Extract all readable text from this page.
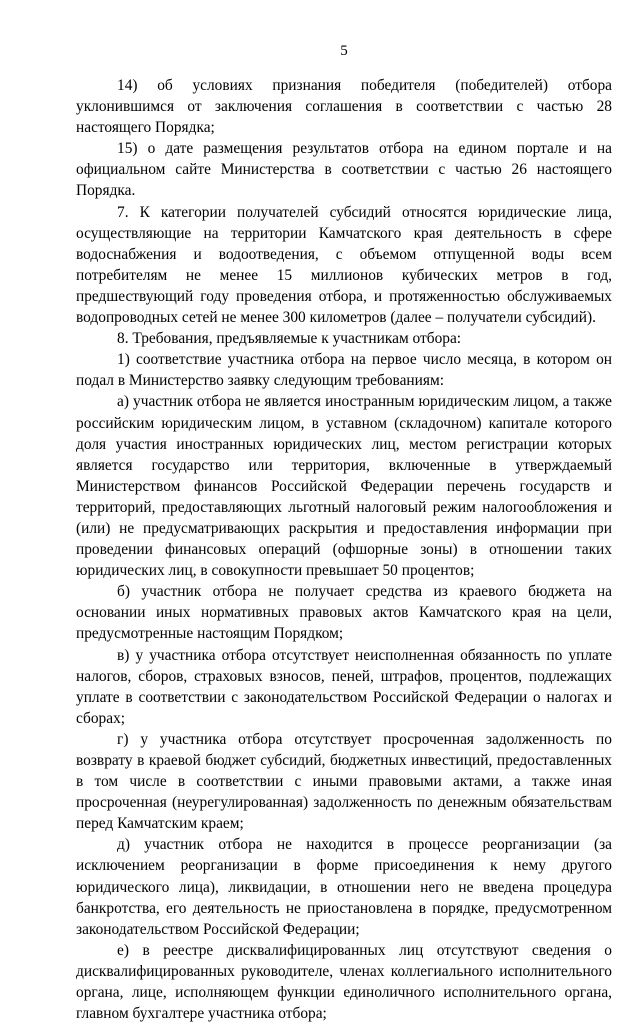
5

14) об условиях признания победителя (победителей) отбора уклонившимся от заключения соглашения в соответствии с частью 28 настоящего Порядка;

15) о дате размещения результатов отбора на едином портале и на официальном сайте Министерства в соответствии с частью 26 настоящего Порядка.

7. К категории получателей субсидий относятся юридические лица, осуществляющие на территории Камчатского края деятельность в сфере водоснабжения и водоотведения, с объемом отпущенной воды всем потребителям не менее 15 миллионов кубических метров в год, предшествующий году проведения отбора, и протяженностью обслуживаемых водопроводных сетей не менее 300 километров (далее – получатели субсидий).

8. Требования, предъявляемые к участникам отбора:

1) соответствие участника отбора на первое число месяца, в котором он подал в Министерство заявку следующим требованиям:

а) участник отбора не является иностранным юридическим лицом, а также российским юридическим лицом, в уставном (складочном) капитале которого доля участия иностранных юридических лиц, местом регистрации которых является государство или территория, включенные в утверждаемый Министерством финансов Российской Федерации перечень государств и территорий, предоставляющих льготный налоговый режим налогообложения и (или) не предусматривающих раскрытия и предоставления информации при проведении финансовых операций (офшорные зоны) в отношении таких юридических лиц, в совокупности превышает 50 процентов;

б) участник отбора не получает средства из краевого бюджета на основании иных нормативных правовых актов Камчатского края на цели, предусмотренные настоящим Порядком;

в) у участника отбора отсутствует неисполненная обязанность по уплате налогов, сборов, страховых взносов, пеней, штрафов, процентов, подлежащих уплате в соответствии с законодательством Российской Федерации о налогах и сборах;

г) у участника отбора отсутствует просроченная задолженность по возврату в краевой бюджет субсидий, бюджетных инвестиций, предоставленных в том числе в соответствии с иными правовыми актами, а также иная просроченная (неурегулированная) задолженность по денежным обязательствам перед Камчатским краем;

д) участник отбора не находится в процессе реорганизации (за исключением реорганизации в форме присоединения к нему другого юридического лица), ликвидации, в отношении него не введена процедура банкротства, его деятельность не приостановлена в порядке, предусмотренном законодательством Российской Федерации;

е) в реестре дисквалифицированных лиц отсутствуют сведения о дисквалифицированных руководителе, членах коллегиального исполнительного органа, лице, исполняющем функции единоличного исполнительного органа, главном бухгалтере участника отбора;
